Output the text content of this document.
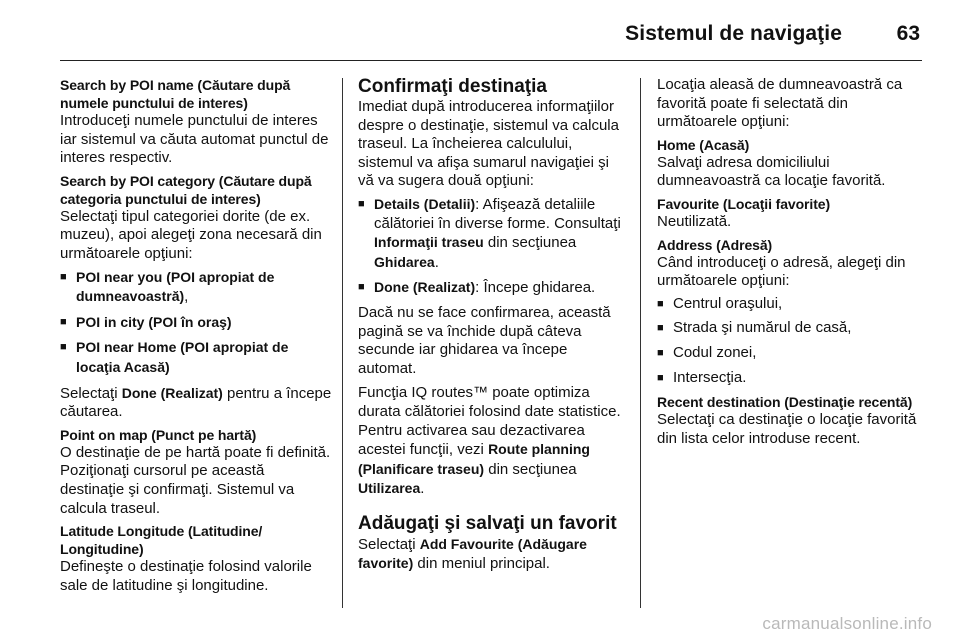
Sistemul de navigaţie	63

Search by POI name (Căutare după numele punctului de interes)

Introduceţi numele punctului de interes iar sistemul va căuta automat punctul de interes respectiv.

Search by POI category (Căutare după categoria punctului de interes)

Selectaţi tipul categoriei dorite (de ex. muzeu), apoi alegeţi zona necesară din următoarele opţiuni:

■ POI near you (POI apropiat de dumneavoastră),
■ POI in city (POI în oraş)
■ POI near Home (POI apropiat de locaţia Acasă)

Selectaţi Done (Realizat) pentru a începe căutarea.

Point on map (Punct pe hartă)

O destinaţie de pe hartă poate fi definită. Poziţionaţi cursorul pe această destinaţie şi confirmaţi. Sistemul va calcula traseul.

Latitude Longitude (Latitudine/ Longitudine)

Defineşte o destinaţie folosind valorile sale de latitudine şi longitudine.

Confirmaţi destinaţia

Imediat după introducerea informaţiilor despre o destinaţie, sistemul va calcula traseul. La încheierea calculului, sistemul va afişa sumarul navigaţiei şi vă va sugera două opţiuni:

■ Details (Detalii): Afişează detaliile călătoriei în diverse forme. Consultaţi Informaţii traseu din secţiunea Ghidarea.
■ Done (Realizat): Începe ghidarea.

Dacă nu se face confirmarea, această pagină se va închide după câteva secunde iar ghidarea va începe automat.

Funcţia IQ routes™ poate optimiza durata călătoriei folosind date statistice. Pentru activarea sau dezactivarea acestei funcţii, vezi Route planning (Planificare traseu) din secţiunea Utilizarea.

Adăugaţi şi salvaţi un favorit

Selectaţi Add Favourite (Adăugare favorite) din meniul principal.

Locaţia aleasă de dumneavoastră ca favorită poate fi selectată din următoarele opţiuni:

Home (Acasă)

Salvaţi adresa domiciliului dumneavoastră ca locaţie favorită.

Favourite (Locaţii favorite)

Neutilizată.

Address (Adresă)

Când introduceţi o adresă, alegeţi din următoarele opţiuni:

■ Centrul oraşului,
■ Strada şi numărul de casă,
■ Codul zonei,
■ Intersecţia.

Recent destination (Destinaţie recentă)

Selectaţi ca destinaţie o locaţie favorită din lista celor introduse recent.

carmanualsonline.info
